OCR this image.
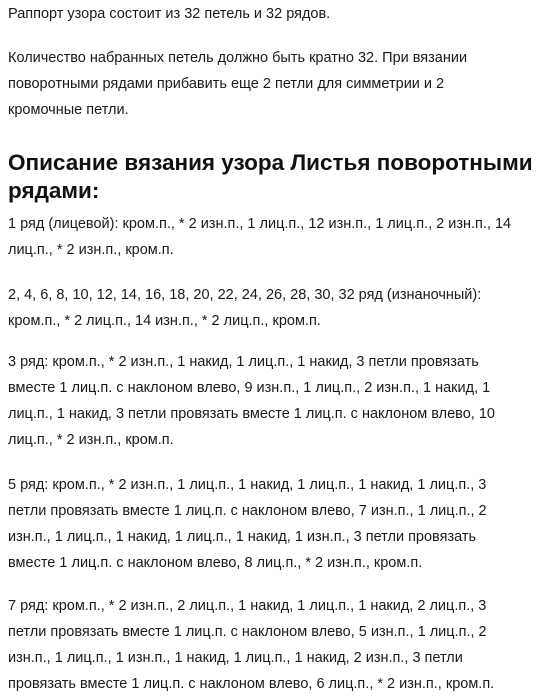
Раппорт узора состоит из 32 петель и 32 рядов.

Количество набранных петель должно быть кратно 32. При вязании
поворотными рядами прибавить еще 2 петли для симметрии и 2
кромочные петли.

Описание вязания узора Листья поворотными
рядами:

1 ряд (лицевой): кром.п., * 2 изн.п., 1 лиц.п., 12 изн.п., 1 лиц.п., 2 изн.п., 14
лиц.п., * 2 изн.п., кром.п.

2, 4, 6, 8, 10, 12, 14, 16, 18, 20, 22, 24, 26, 28, 30, 32 ряд (изнаночный):
кром.п., * 2 лиц.п., 14 изн.п., * 2 лиц.п., кром.п.

3 ряд: кром.п., * 2 изн.п., 1 накид, 1 лиц.п., 1 накид, 3 петли провязать
вместе 1 лиц.п. с наклоном влево, 9 изн.п., 1 лиц.п., 2 изн.п., 1 накид, 1
лиц.п., 1 накид, 3 петли провязать вместе 1 лиц.п. с наклоном влево, 10
лиц.п., * 2 изн.п., кром.п.

5 ряд: кром.п., * 2 изн.п., 1 лиц.п., 1 накид, 1 лиц.п., 1 накид, 1 лиц.п., 3
петли провязать вместе 1 лиц.п. с наклоном влево, 7 изн.п., 1 лиц.п., 2
изн.п., 1 лиц.п., 1 накид, 1 лиц.п., 1 накид, 1 изн.п., 3 петли провязать
вместе 1 лиц.п. с наклоном влево, 8 лиц.п., * 2 изн.п., кром.п.

7 ряд: кром.п., * 2 изн.п., 2 лиц.п., 1 накид, 1 лиц.п., 1 накид, 2 лиц.п., 3
петли провязать вместе 1 лиц.п. с наклоном влево, 5 изн.п., 1 лиц.п., 2
изн.п., 1 лиц.п., 1 изн.п., 1 накид, 1 лиц.п., 1 накид, 2 изн.п., 3 петли
провязать вместе 1 лиц.п. с наклоном влево, 6 лиц.п., * 2 изн.п., кром.п.
